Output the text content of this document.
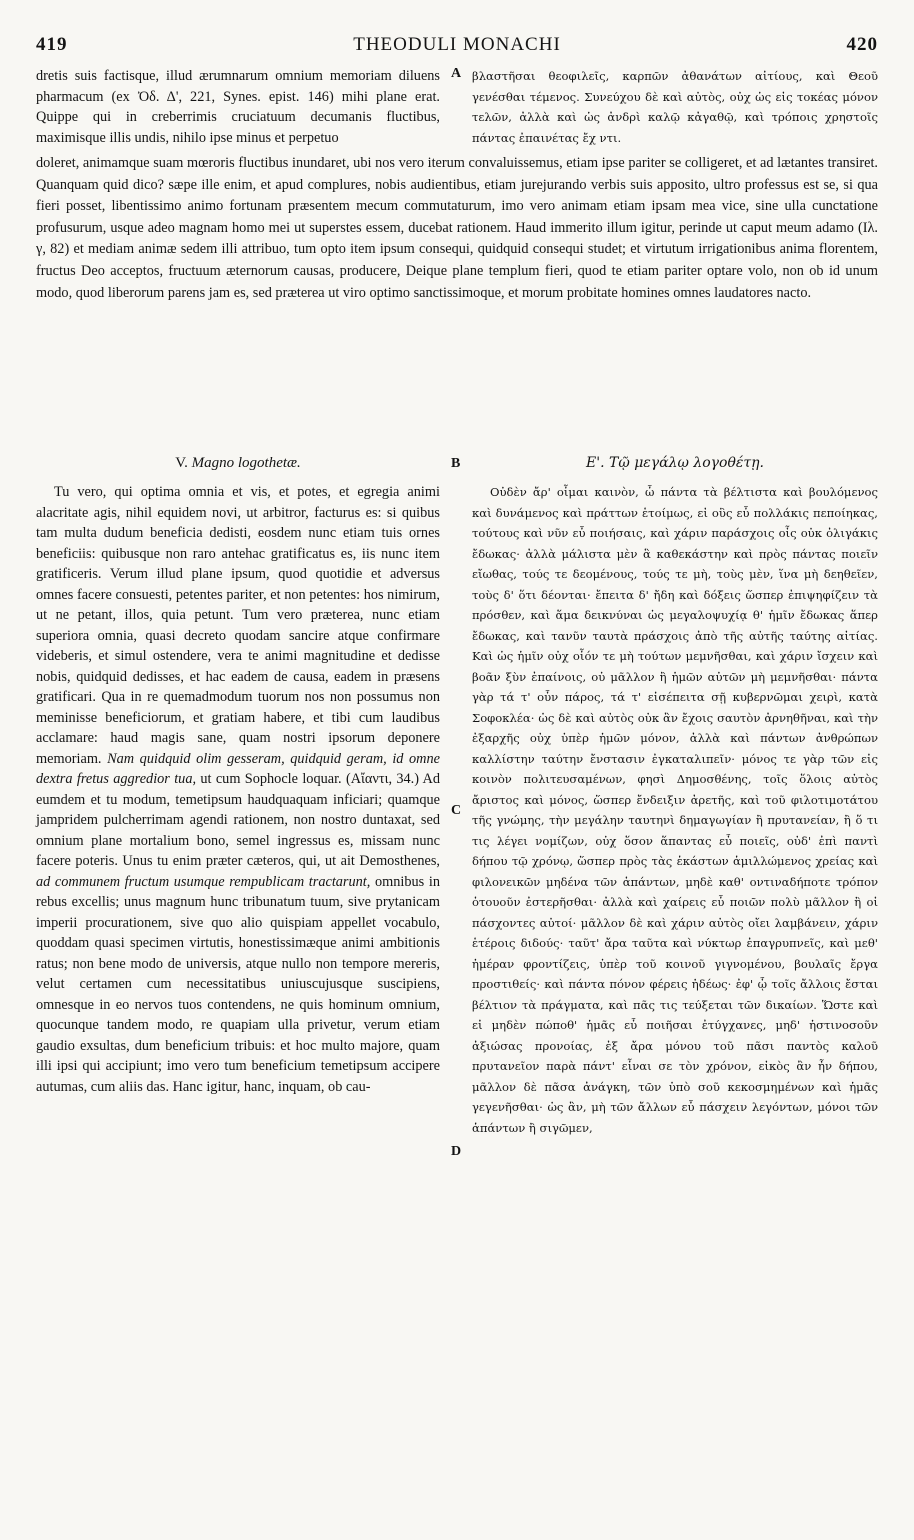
419	THEODULI MONACHI	420

dretis suis factisque, illud ærumnarum omnium memoriam diluens pharmacum (ex Ὀδ. Δ', 221, Synes. epist. 146) mihi plane erat. Quippe qui in creberrimis cruciatuum decumanis fluctibus, maximisque illis undis, nihilo ipse minus et perpetuo

A βλαστῆσαι θεοφιλεῖς, καρπῶν ἀθανάτων αἰτίους, καὶ Θεοῦ γενέσθαι τέμενος. Συνεύχου δὲ καὶ αὐτὸς, οὐχ ὡς εἰς τοκέας μόνον τελῶν, ἀλλὰ καὶ ὡς ἀνδρὶ καλῷ κἀγαθῷ, καὶ τρόποις χρηστοῖς πάντας ἐπαινέτας ἔχ ντι.

doleret, animamque suam mœroris fluctibus inundaret, ubi nos vero iterum convaluissemus, etiam ipse pariter se colligeret, et ad lætantes transiret. Quanquam quid dico? sæpe ille enim, et apud complures, nobis audientibus, etiam jurejurando verbis suis apposito, ultro professus est se, si qua fieri posset, libentissimo animo fortunam præsentem mecum commutaturum, imo vero animam etiam ipsam mea vice, sine ulla cunctatione profusurum, usque adeo magnam homo mei ut superstes essem, ducebat rationem. Haud immerito illum igitur, perinde ut caput meum adamo (Ιλ. γ, 82) et mediam animæ sedem illi attribuo, tum opto item ipsum consequi, quidquid consequi studet; et virtutum irrigationibus anima florentem, fructus Deo acceptos, fructuum æternorum causas, producere, Deique plane templum fieri, quod te etiam pariter optare volo, non ob id unum modo, quod liberorum parens jam es, sed præterea ut viro optimo sanctissimoque, et morum probitate homines omnes laudatores nacto.

V. Magno logothetæ.	B	Ε'. Τῷ μεγάλῳ λογοθέτῃ.
Tu vero, qui optima omnia et vis, et potes, et egregia animi alacritate agis, nihil equidem novi, ut arbitror, facturus es: si quibus tam multa dudum beneficia dedisti, eosdem nunc etiam tuis ornes beneficiis: quibusque non raro antehac gratificatus es, iis nunc item gratificeris. Verum illud plane ipsum, quod quotidie et adversus omnes facere consuesti, petentes pariter, et non petentes: hos nimirum, ut ne petant, illos, quia petunt. Tum vero præterea, nunc etiam superiora omnia, quasi decreto quodam sancire atque confirmare videberis, et simul ostendere, vera te animi magnitudine et dedisse nobis, quidquid dedisses, et hac eadem de causa, eadem in præsens gratificari. Qua in re quemadmodum tuorum nos non possumus non meminisse beneficiorum, et gratiam habere, et tibi cum laudibus acclamare: haud magis sane, quam nostri ipsorum deponere memoriam. Nam quidquid olim gesseram, quidquid geram, id omne dextra fretus aggredior tua, ut cum Sophocle loquar. (Αἴαντι, 34.) Ad eumdem et tu modum, temetipsum haudquaquam inficiari; quamque jampridem pulcherrimam agendi rationem, non nostro duntaxat, sed omnium plane mortalium bono, semel ingressus es, missam nunc facere poteris. Unus tu enim præter cæteros, qui, ut ait Demosthenes, ad communem fructum usumque rempublicam tractarunt, omnibus in rebus excellis; unus magnum hunc tribunatum tuum, sive prytanicam imperii procurationem, sive quo alio quispiam appellet vocabulo, quoddam quasi specimen virtutis, honestissimæque animi ambitionis ratus; non bene modo de universis, atque nullo non tempore mereris, velut certamen cum necessitatibus uniuscujusque suscipiens, omnesque in eo nervos tuos contendens, ne quis hominum omnium, quocunque tandem modo, re quapiam ulla privetur, verum etiam gaudio exsultas, dum beneficium tribuis: et hoc multo majore, quam illi ipsi qui accipiunt; imo vero tum beneficium temetipsum accipere autumas, cum aliis das. Hanc igitur, hanc, inquam, ob cau-
C
D

Οὐδὲν ἄρ' οἶμαι καινὸν, ὦ πάντα τὰ βέλτιστα καὶ βουλόμενος καὶ δυνάμενος καὶ πράττων ἑτοίμως, εἰ οὓς εὖ πολλάκις πεποίηκας, τούτους καὶ νῦν εὖ ποιήσαις, καὶ χάριν παράσχοις οἷς οὐκ ὀλιγάκις ἔδωκας· ἀλλὰ μάλιστα μὲν ἃ καθεκάστην καὶ πρὸς πάντας ποιεῖν εἴωθας, τούς τε δεομένους, τούς τε μὴ, τοὺς μὲν, ἵνα μὴ δεηθεῖεν, τοὺς δ' ὅτι δέονται· ἔπειτα δ' ἤδη καὶ δόξεις ὥσπερ ἐπιψηφίζειν τὰ πρόσθεν, καὶ ἅμα δεικνύναι ὡς μεγαλοψυχίᾳ θ' ἡμῖν ἔδωκας ἅπερ ἔδωκας, καὶ τανῦν ταυτὰ πράσχοις ἀπὸ τῆς αὐτῆς ταύτης αἰτίας. Καὶ ὡς ἡμῖν οὐχ οἷόν τε μὴ τούτων μεμνῆσθαι, καὶ χάριν ἴσχειν καὶ βοᾶν ξὺν ἐπαίνοις, οὐ μᾶλλον ἢ ἡμῶν αὐτῶν μὴ μεμνῆσθαι· πάντα γὰρ τά τ' οὖν πάρος, τά τ' εἰσέπειτα σῇ κυβερνῶμαι χειρὶ, κατὰ Σοφοκλέα· ὡς δὲ καὶ αὐτὸς οὐκ ἂν ἔχοις σαυτὸν ἀρνηθῆναι, καὶ τὴν ἐξαρχῆς οὐχ ὑπὲρ ἡμῶν μόνον, ἀλλὰ καὶ πάντων ἀνθρώπων καλλίστην ταύτην ἔνστασιν ἐγκαταλιπεῖν· μόνος τε γὰρ τῶν εἰς κοινὸν πολιτευσαμένων, φησὶ Δημοσθένης, τοῖς ὅλοις αὐτὸς ἄριστος καὶ μόνος, ὥσπερ ἔνδειξιν ἀρετῆς, καὶ τοῦ φιλοτιμοτάτου τῆς γνώμης, τὴν μεγάλην ταυτηνὶ δημαγωγίαν ἢ πρυτανείαν, ἢ ὅ τι τις λέγει νομίζων, οὐχ ὅσον ἅπαντας εὖ ποιεῖς, οὐδ' ἐπὶ παντὶ δήπου τῷ χρόνῳ, ὥσπερ πρὸς τὰς ἑκάστων ἁμιλλώμενος χρείας καὶ φιλονεικῶν μηδένα τῶν ἁπάντων, μηδὲ καθ' οντιναδήποτε τρόπον ὁτουοῦν ἐστερῆσθαι· ἀλλὰ καὶ χαίρεις εὖ ποιῶν πολὺ μᾶλλον ἢ οἱ πάσχοντες αὐτοί· μᾶλλον δὲ καὶ χάριν αὐτὸς οἴει λαμβάνειν, χάριν ἑτέροις διδούς· ταῦτ' ἄρα ταῦτα καὶ νύκτωρ ἐπαγρυπνεῖς, καὶ μεθ' ἡμέραν φροντίζεις, ὑπὲρ τοῦ κοινοῦ γιγνομένου, βουλαῖς ἔργα προστιθείς· καὶ πάντα πόνον φέρεις ἡδέως· ἐφ' ᾧ τοῖς ἄλλοις ἔσται βέλτιον τὰ πράγματα, καὶ πᾶς τις τεύξεται τῶν δικαίων. Ὥστε καὶ εἰ μηδὲν πώποθ' ἡμᾶς εὖ ποιῆσαι ἐτύγχανες, μηδ' ἡστινοσοῦν ἀξιώσας προνοίας, ἐξ ἄρα μόνου τοῦ πᾶσι παντὸς καλοῦ πρυτανεῖον παρὰ πάντ' εἶναι σε τὸν χρόνον, εἰκὸς ἂν ἦν δήπου, μᾶλλον δὲ πᾶσα ἀνάγκη, τῶν ὑπὸ σοῦ κεκοσμημένων καὶ ἡμᾶς γεγενῆσθαι· ὡς ἂν, μὴ τῶν ἄλλων εὖ πάσχειν λεγόντων, μόνοι τῶν ἁπάντων ἢ σιγῶμεν,
